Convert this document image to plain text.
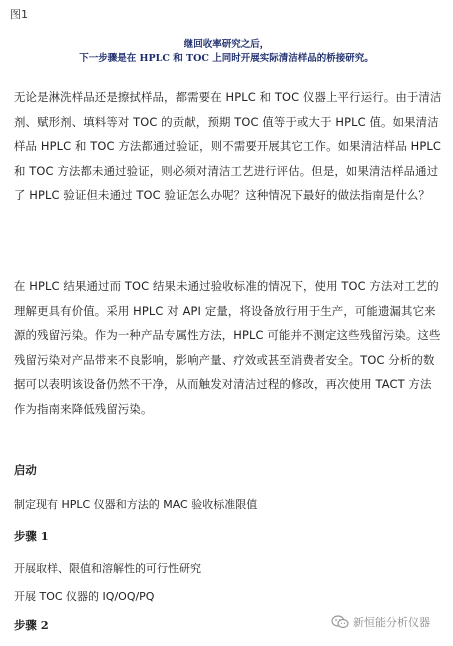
图1
继回收率研究之后，
下一步骤是在 HPLC 和 TOC 上同时开展实际清洁样品的桥接研究。
无论是淋洗样品还是擦拭样品，都需要在 HPLC 和 TOC 仪器上平行运行。由于清洁剂、赋形剂、填料等对 TOC 的贡献，预期 TOC 值等于或大于 HPLC 值。如果清洁样品 HPLC 和 TOC 方法都通过验证，则不需要开展其它工作。如果清洁样品 HPLC 和 TOC 方法都未通过验证，则必须对清洁工艺进行评估。但是，如果清洁样品通过了 HPLC 验证但未通过 TOC 验证怎么办呢？这种情况下最好的做法指南是什么？
在 HPLC 结果通过而 TOC 结果未通过验收标准的情况下，使用 TOC 方法对工艺的理解更具有价值。采用 HPLC 对 API 定量，将设备放行用于生产，可能遗漏其它来源的残留污染。作为一种产品专属性方法，HPLC 可能并不测定这些残留污染。这些残留污染对产品带来不良影响，影响产量、疗效或甚至消费者安全。TOC 分析的数据可以表明该设备仍然不干净，从而触发对清洁过程的修改，再次使用 TACT 方法作为指南来降低残留污染。
启动
制定现有 HPLC 仪器和方法的 MAC 验收标准限值
步骤 1
开展取样、限值和溶解性的可行性研究
开展 TOC 仪器的 IQ/OQ/PQ
步骤 2	新恒能分析仪器
